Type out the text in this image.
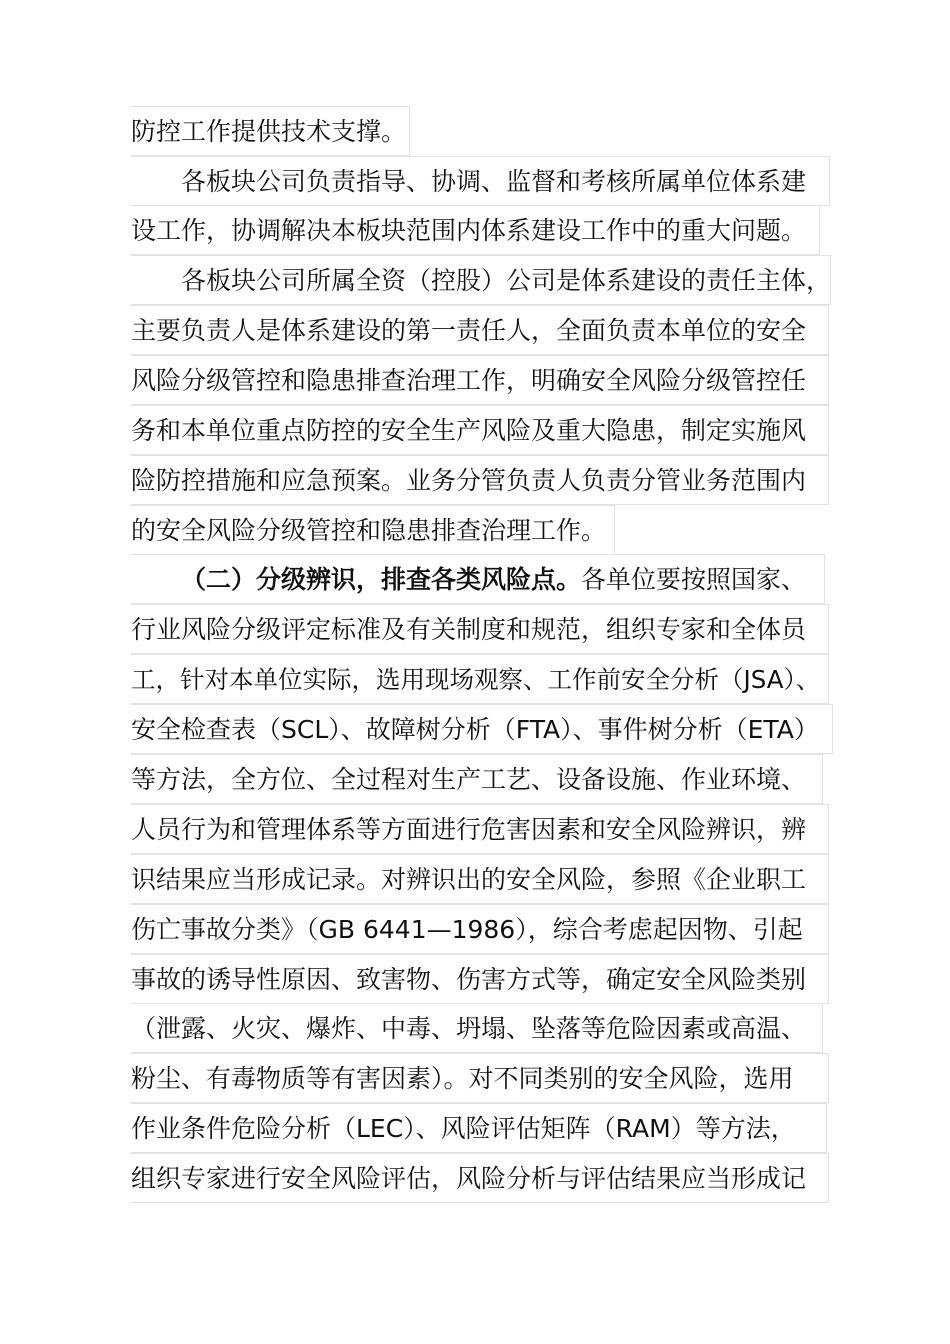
防控工作提供技术支撑。
各板块公司负责指导、协调、监督和考核所属单位体系建
设工作，协调解决本板块范围内体系建设工作中的重大问题。
各板块公司所属全资（控股）公司是体系建设的责任主体，
主要负责人是体系建设的第一责任人，全面负责本单位的安全
风险分级管控和隐患排查治理工作，明确安全风险分级管控任
务和本单位重点防控的安全生产风险及重大隐患，制定实施风
险防控措施和应急预案。业务分管负责人负责分管业务范围内
的安全风险分级管控和隐患排查治理工作。
（二）分级辨识，排查各类风险点。各单位要按照国家、
行业风险分级评定标准及有关制度和规范，组织专家和全体员
工，针对本单位实际，选用现场观察、工作前安全分析（JSA）、
安全检查表（SCL）、故障树分析（FTA）、事件树分析（ETA）
等方法，全方位、全过程对生产工艺、设备设施、作业环境、
人员行为和管理体系等方面进行危害因素和安全风险辨识，辨
识结果应当形成记录。对辨识出的安全风险，参照《企业职工
伤亡事故分类》（GB 6441—1986），综合考虑起因物、引起
事故的诱导性原因、致害物、伤害方式等，确定安全风险类别
（泄露、火灾、爆炸、中毒、坍塌、坠落等危险因素或高温、
粉尘、有毒物质等有害因素）。对不同类别的安全风险，选用
作业条件危险分析（LEC）、风险评估矩阵（RAM）等方法，
组织专家进行安全风险评估，风险分析与评估结果应当形成记
